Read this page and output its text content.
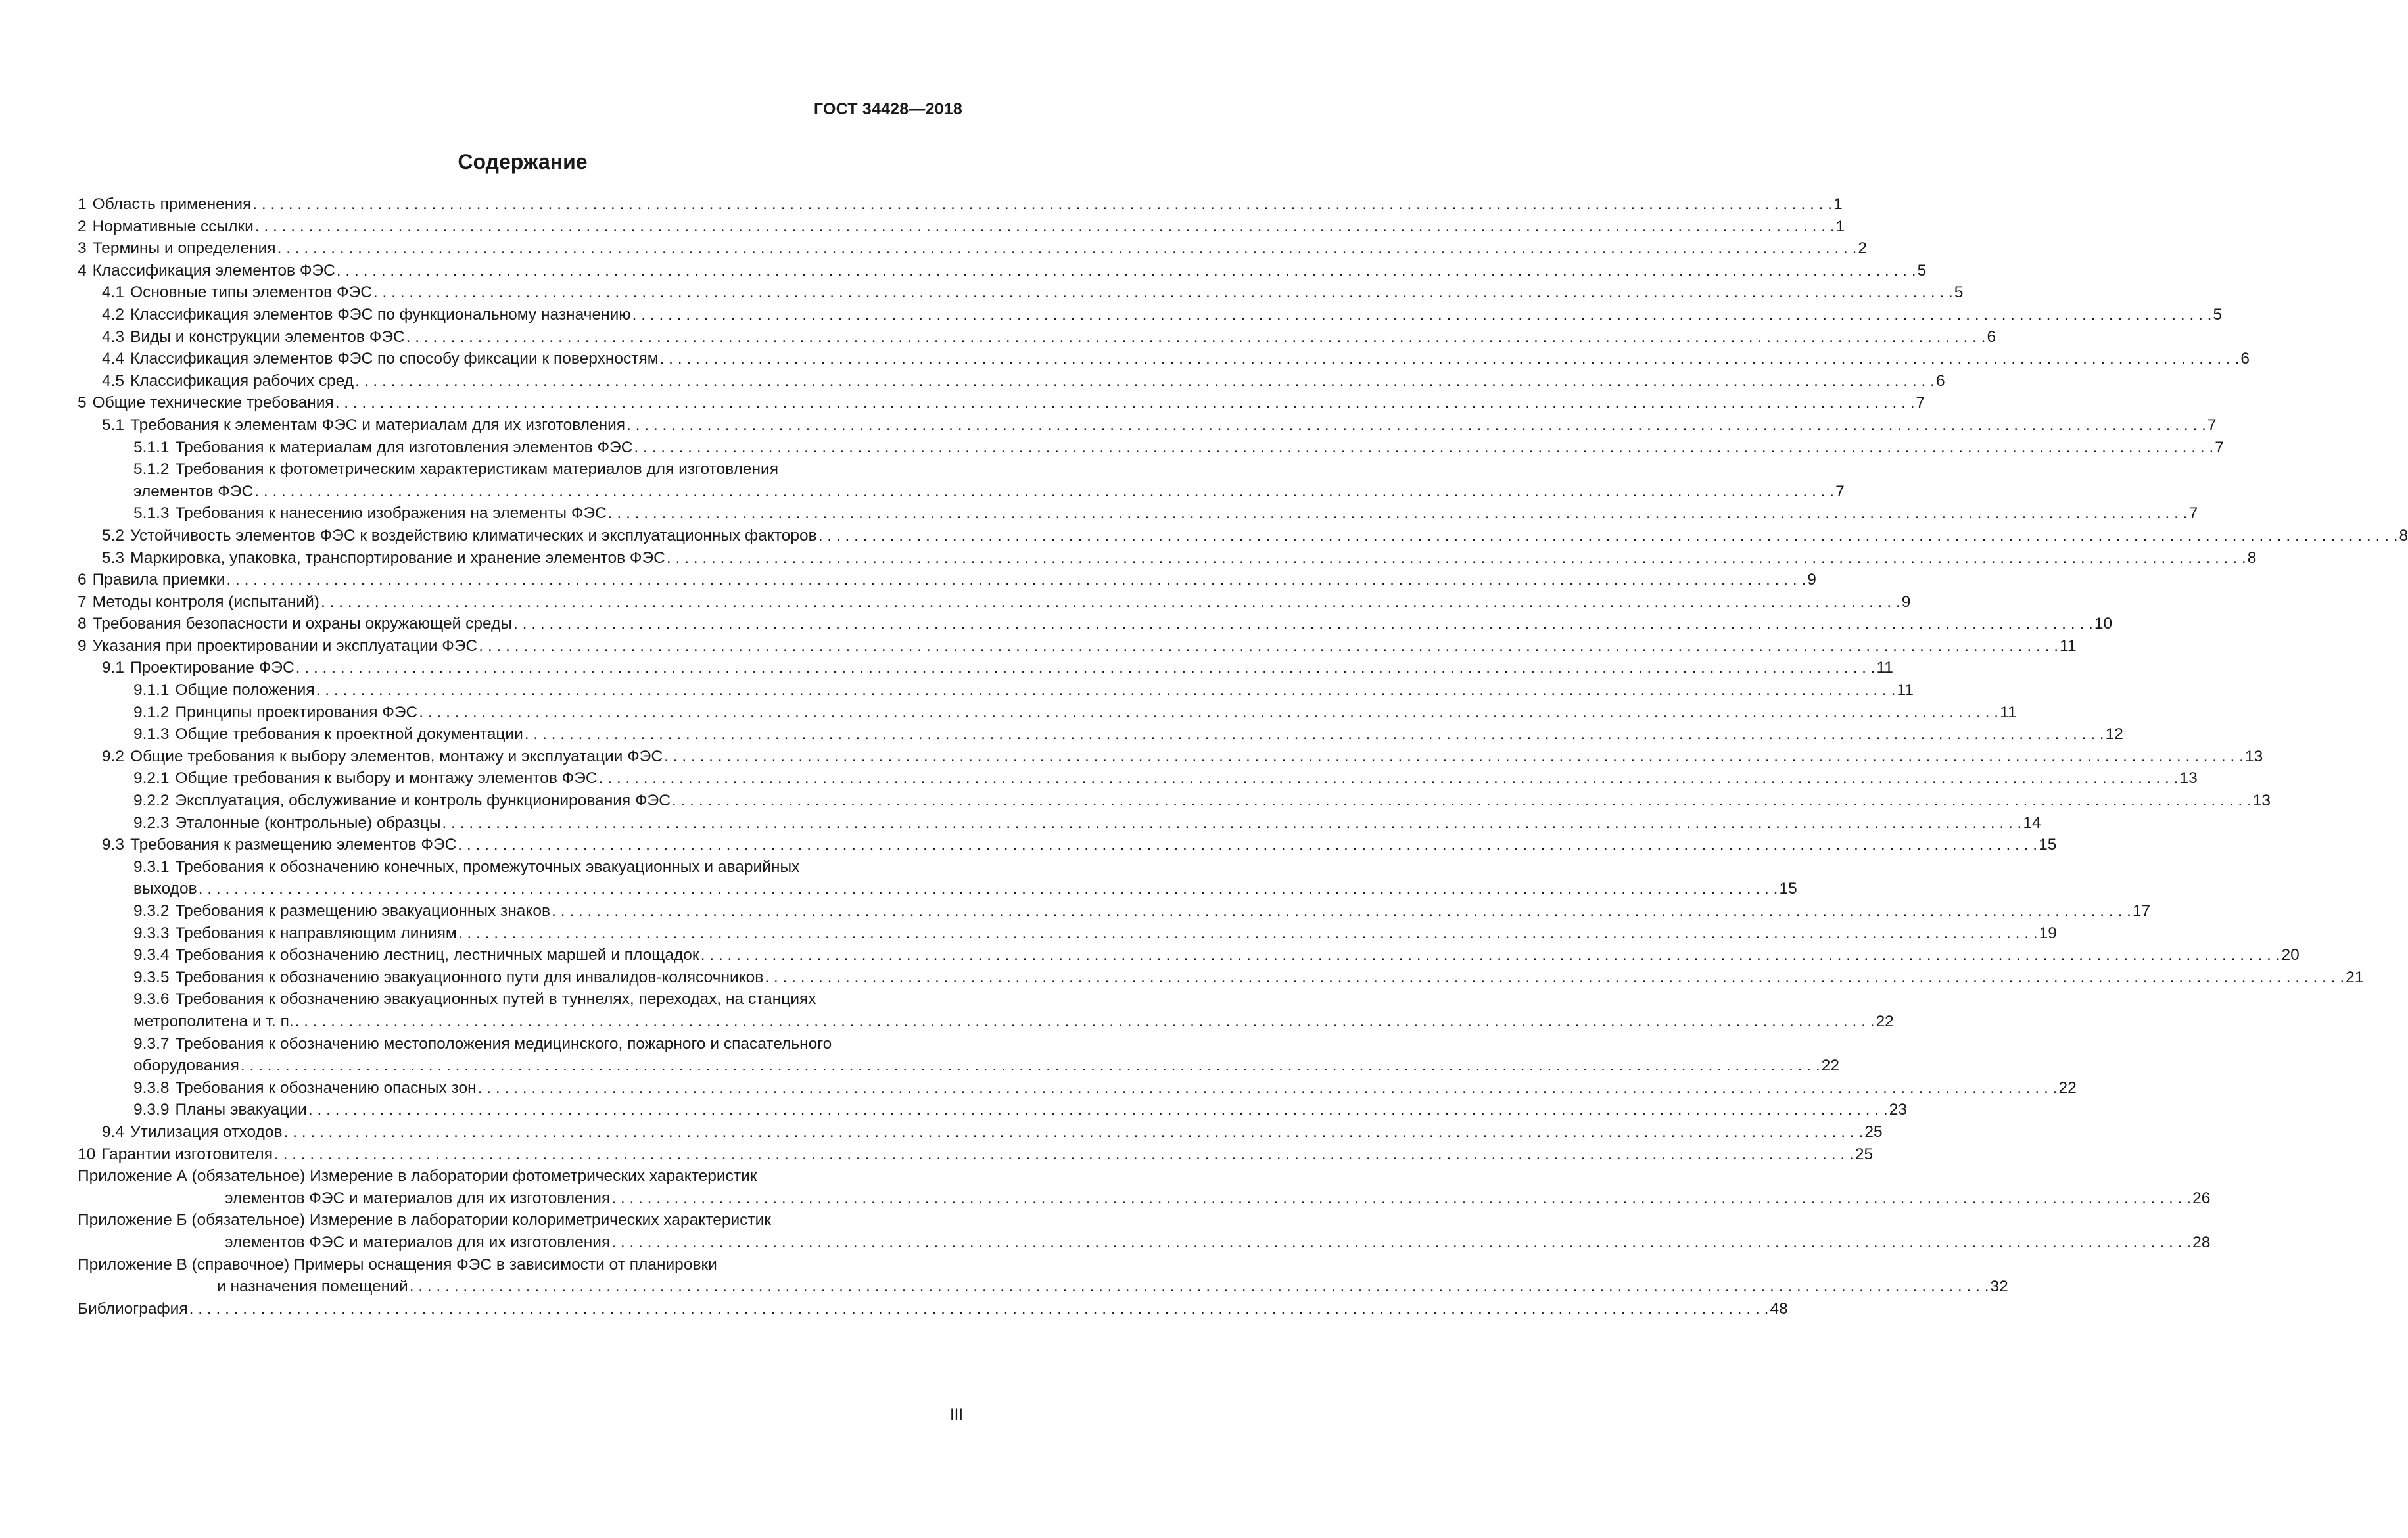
ГОСТ 34428—2018
Содержание
1 Область применения . . .	1
2 Нормативные ссылки . . .	1
3 Термины и определения . . .	2
4 Классификация элементов ФЭС . . .	5
4.1 Основные типы элементов ФЭС . . .	5
4.2 Классификация элементов ФЭС по функциональному назначению . . .	5
4.3 Виды и конструкции элементов ФЭС . . .	6
4.4 Классификация элементов ФЭС по способу фиксации к поверхностям . . .	6
4.5 Классификация рабочих сред . . .	6
5 Общие технические требования . . .	7
5.1 Требования к элементам ФЭС и материалам для их изготовления . . .	7
5.1.1 Требования к материалам для изготовления элементов ФЭС . . .	7
5.1.2 Требования к фотометрическим характеристикам материалов для изготовления
элементов ФЭС . . .	7
5.1.3 Требования к нанесению изображения на элементы ФЭС . . .	7
5.2 Устойчивость элементов ФЭС к воздействию климатических и эксплуатационных факторов . . .	8
5.3 Маркировка, упаковка, транспортирование и хранение элементов ФЭС . . .	8
6 Правила приемки . . .	9
7 Методы контроля (испытаний) . . .	9
8 Требования безопасности и охраны окружающей среды . . .	10
9 Указания при проектировании и эксплуатации ФЭС . . .	11
9.1 Проектирование ФЭС . . .	11
9.1.1 Общие положения . . .	11
9.1.2 Принципы проектирования ФЭС . . .	11
9.1.3 Общие требования к проектной документации . . .	12
9.2 Общие требования к выбору элементов, монтажу и эксплуатации ФЭС . . .	13
9.2.1 Общие требования к выбору и монтажу элементов ФЭС . . .	13
9.2.2 Эксплуатация, обслуживание и контроль функционирования ФЭС . . .	13
9.2.3 Эталонные (контрольные) образцы . . .	14
9.3 Требования к размещению элементов ФЭС . . .	15
9.3.1 Требования к обозначению конечных, промежуточных эвакуационных и аварийных
выходов . . .	15
9.3.2 Требования к размещению эвакуационных знаков . . .	17
9.3.3 Требования к направляющим линиям . . .	19
9.3.4 Требования к обозначению лестниц, лестничных маршей и площадок . . .	20
9.3.5 Требования к обозначению эвакуационного пути для инвалидов-колясочников . . .	21
9.3.6 Требования к обозначению эвакуационных путей в туннелях, переходах, на станциях
метрополитена и т. п. . . .	22
9.3.7 Требования к обозначению местоположения медицинского, пожарного и спасательного
оборудования . . .	22
9.3.8 Требования к обозначению опасных зон . . .	22
9.3.9 Планы эвакуации . . .	23
9.4 Утилизация отходов . . .	25
10 Гарантии изготовителя . . .	25
Приложение А (обязательное) Измерение в лаборатории фотометрических характеристик
элементов ФЭС и материалов для их изготовления . . .	26
Приложение Б (обязательное) Измерение в лаборатории колориметрических характеристик
элементов ФЭС и материалов для их изготовления . . .	28
Приложение В (справочное) Примеры оснащения ФЭС в зависимости от планировки
и назначения помещений . . .	32
Библиография . . .	48
III
